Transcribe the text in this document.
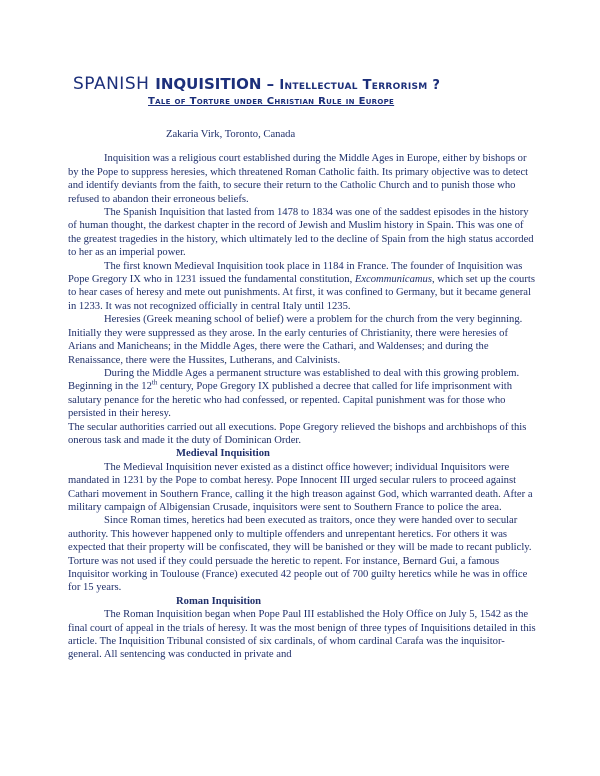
SPANISH INQUISITION – Intellectual Terrorism ?
Tale of Torture under Christian Rule in Europe
Zakaria Virk, Toronto, Canada

Inquisition was a religious court established during the Middle Ages in Europe, either by bishops or by the Pope to suppress heresies, which threatened Roman Catholic faith. Its primary objective was to detect and identify deviants from the faith, to secure their return to the Catholic Church and to punish those who refused to abandon their erroneous beliefs.

The Spanish Inquisition that lasted from 1478 to 1834 was one of the saddest episodes in the history of human thought, the darkest chapter in the record of Jewish and Muslim history in Spain. This was one of the greatest tragedies in the history, which ultimately led to the decline of Spain from the high status accorded to her as an imperial power.

The first known Medieval Inquisition took place in 1184 in France. The founder of Inquisition was Pope Gregory IX who in 1231 issued the fundamental constitution, Excommunicamus, which set up the courts to hear cases of heresy and mete out punishments. At first, it was confined to Germany, but it became general in 1233. It was not recognized officially in central Italy until 1235.

Heresies (Greek meaning school of belief) were a problem for the church from the very beginning. Initially they were suppressed as they arose. In the early centuries of Christianity, there were heresies of Arians and Manicheans; in the Middle Ages, there were the Cathari, and Waldenses; and during the Renaissance, there were the Hussites, Lutherans, and Calvinists.

During the Middle Ages a permanent structure was established to deal with this growing problem. Beginning in the 12th century, Pope Gregory IX published a decree that called for life imprisonment with salutary penance for the heretic who had confessed, or repented. Capital punishment was for those who persisted in their heresy.

The secular authorities carried out all executions. Pope Gregory relieved the bishops and archbishops of this onerous task and made it the duty of Dominican Order.

Medieval Inquisition

The Medieval Inquisition never existed as a distinct office however; individual Inquisitors were mandated in 1231 by the Pope to combat heresy. Pope Innocent III urged secular rulers to proceed against Cathari movement in Southern France, calling it the high treason against God, which warranted death. After a military campaign of Albigensian Crusade, inquisitors were sent to Southern France to police the area.

Since Roman times, heretics had been executed as traitors, once they were handed over to secular authority. This however happened only to multiple offenders and unrepentant heretics. For others it was expected that their property will be confiscated, they will be banished or they will be made to recant publicly. Torture was not used if they could persuade the heretic to repent. For instance, Bernard Gui, a famous Inquisitor working in Toulouse (France) executed 42 people out of 700 guilty heretics while he was in office for 15 years.

Roman Inquisition

The Roman Inquisition began when Pope Paul III established the Holy Office on July 5, 1542 as the final court of appeal in the trials of heresy. It was the most benign of three types of Inquisitions detailed in this article. The Inquisition Tribunal consisted of six cardinals, of whom cardinal Carafa was the inquisitor- general. All sentencing was conducted in private and
